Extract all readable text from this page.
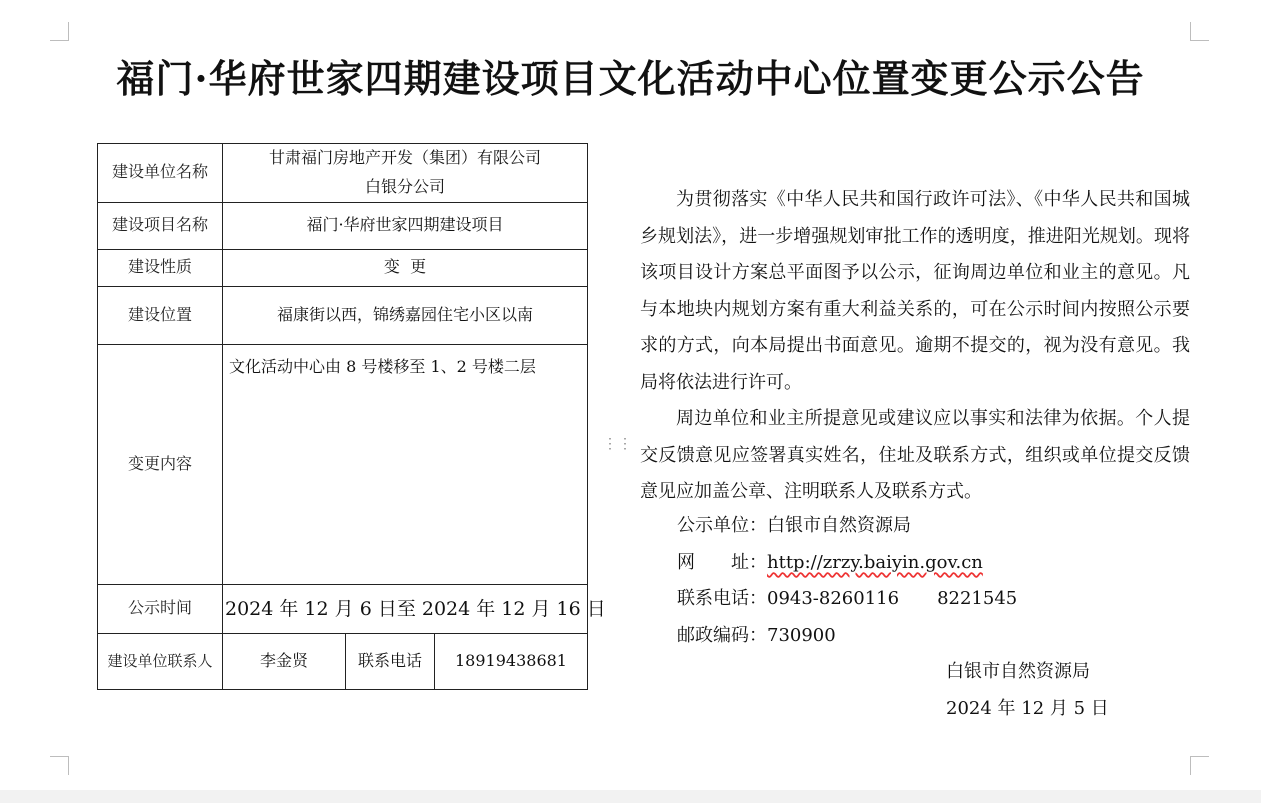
福门·华府世家四期建设项目文化活动中心位置变更公示公告
建设单位名称	甘肃福门房地产开发（集团）有限公司
白银分公司		

建设项目名称	福门·华府世家四期建设项目		
建设性质	变  更		
建设位置	福康街以西，锦绣嘉园住宅小区以南		
变更内容	文化活动中心由 8 号楼移至 1、2 号楼二层		
公示时间	2024 年 12 月 6 日至 2024 年 12 月 16 日		
建设单位联系人	李金贤	联系电话	18919438681
⋮⋮

为贯彻落实《中华人民共和国行政许可法》、《中华人民共和国城乡规划法》，进一步增强规划审批工作的透明度，推进阳光规划。现将该项目设计方案总平面图予以公示，征询周边单位和业主的意见。凡与本地块内规划方案有重大利益关系的，可在公示时间内按照公示要求的方式，向本局提出书面意见。逾期不提交的，视为没有意见。我局将依法进行许可。

周边单位和业主所提意见或建议应以事实和法律为依据。个人提交反馈意见应签署真实姓名，住址及联系方式，组织或单位提交反馈意见应加盖公章、注明联系人及联系方式。

公示单位：白银市自然资源局
网　　址：http://zrzy.baiyin.gov.cn
联系电话：0943-8260116 8221545
邮政编码：730900
白银市自然资源局
2024 年 12 月 5 日
